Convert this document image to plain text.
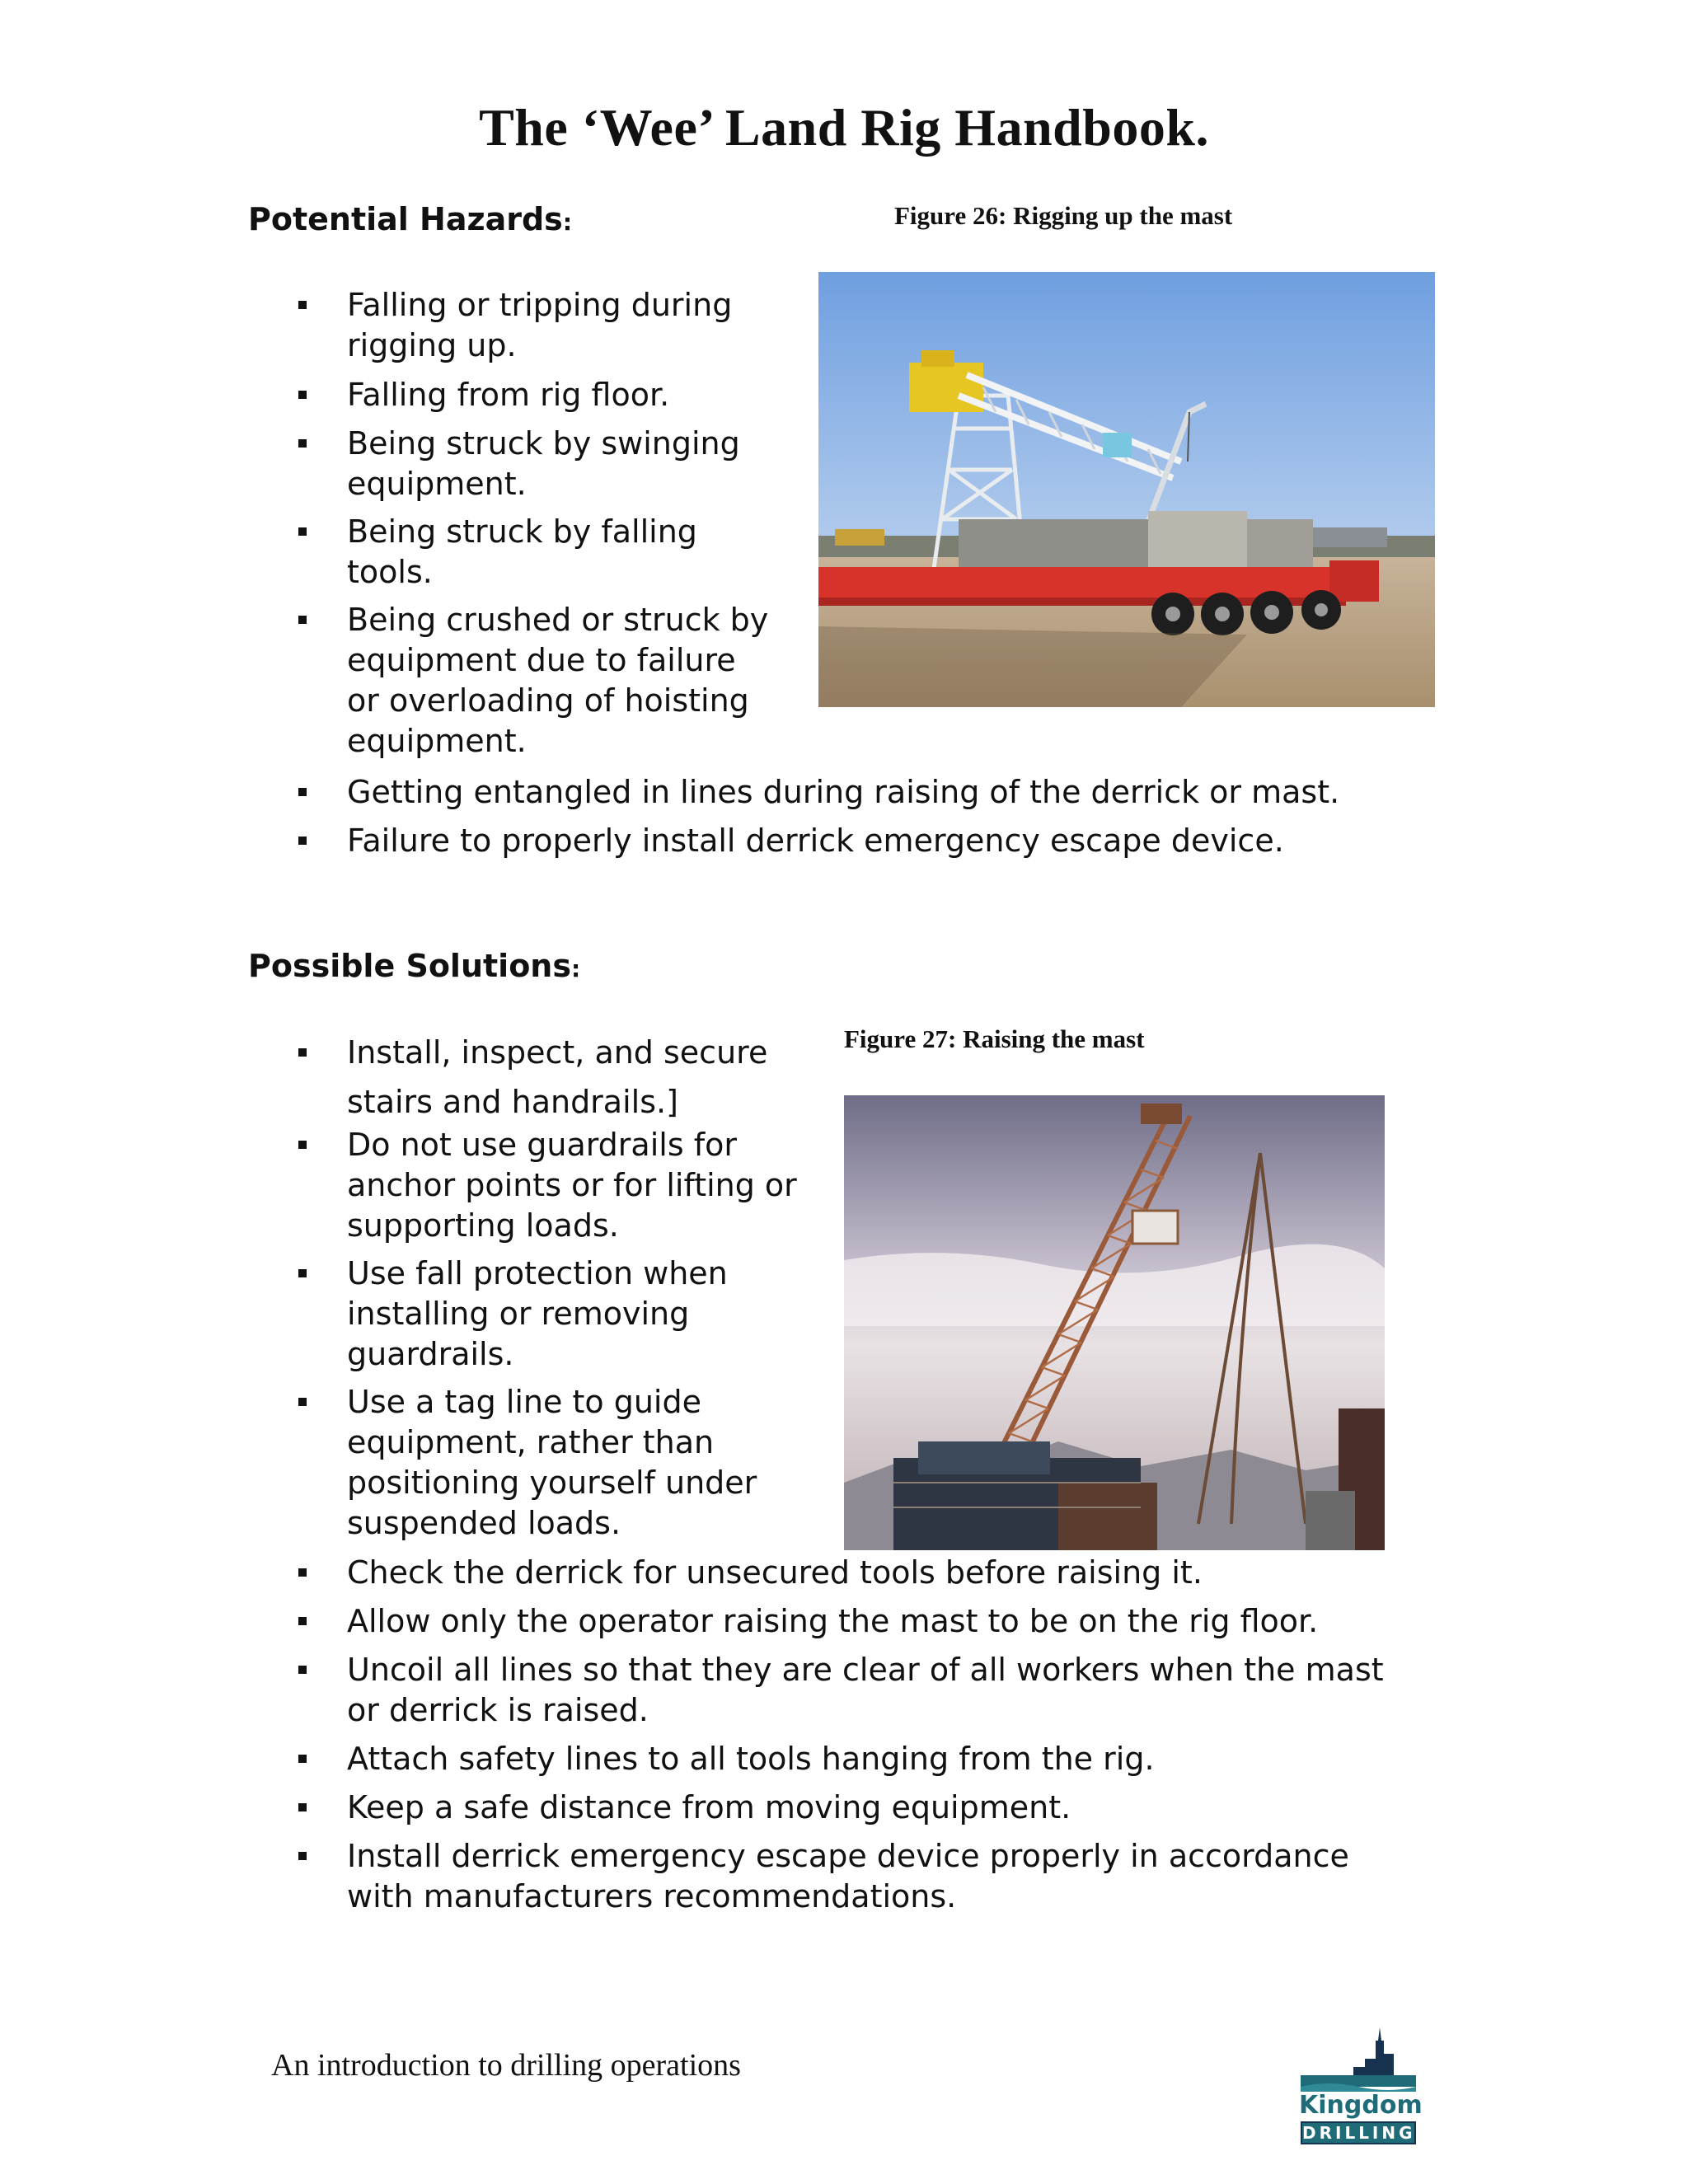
The ‘Wee’ Land Rig Handbook.
Potential Hazards:	Figure 26: Rigging up the mast
Falling or tripping during rigging up.
Falling from rig floor.
Being struck by swinging equipment.
Being struck by falling tools.
Being crushed or struck by equipment due to failure or overloading of hoisting equipment.
Getting entangled in lines during raising of the derrick or mast.
Failure to properly install derrick emergency escape device.
Possible Solutions:
Figure 27: Raising the mast
Install, inspect, and secure stairs and handrails.]
Do not use guardrails for anchor points or for lifting or supporting loads.
Use fall protection when installing or removing guardrails.
Use a tag line to guide equipment, rather than positioning yourself under suspended loads.
Check the derrick for unsecured tools before raising it.
Allow only the operator raising the mast to be on the rig floor.
Uncoil all lines so that they are clear of all workers when the mast or derrick is raised.
Attach safety lines to all tools hanging from the rig.
Keep a safe distance from moving equipment.
Install derrick emergency escape device properly in accordance with manufacturers recommendations.
An introduction to drilling operations
Kingdom
DRILLING
